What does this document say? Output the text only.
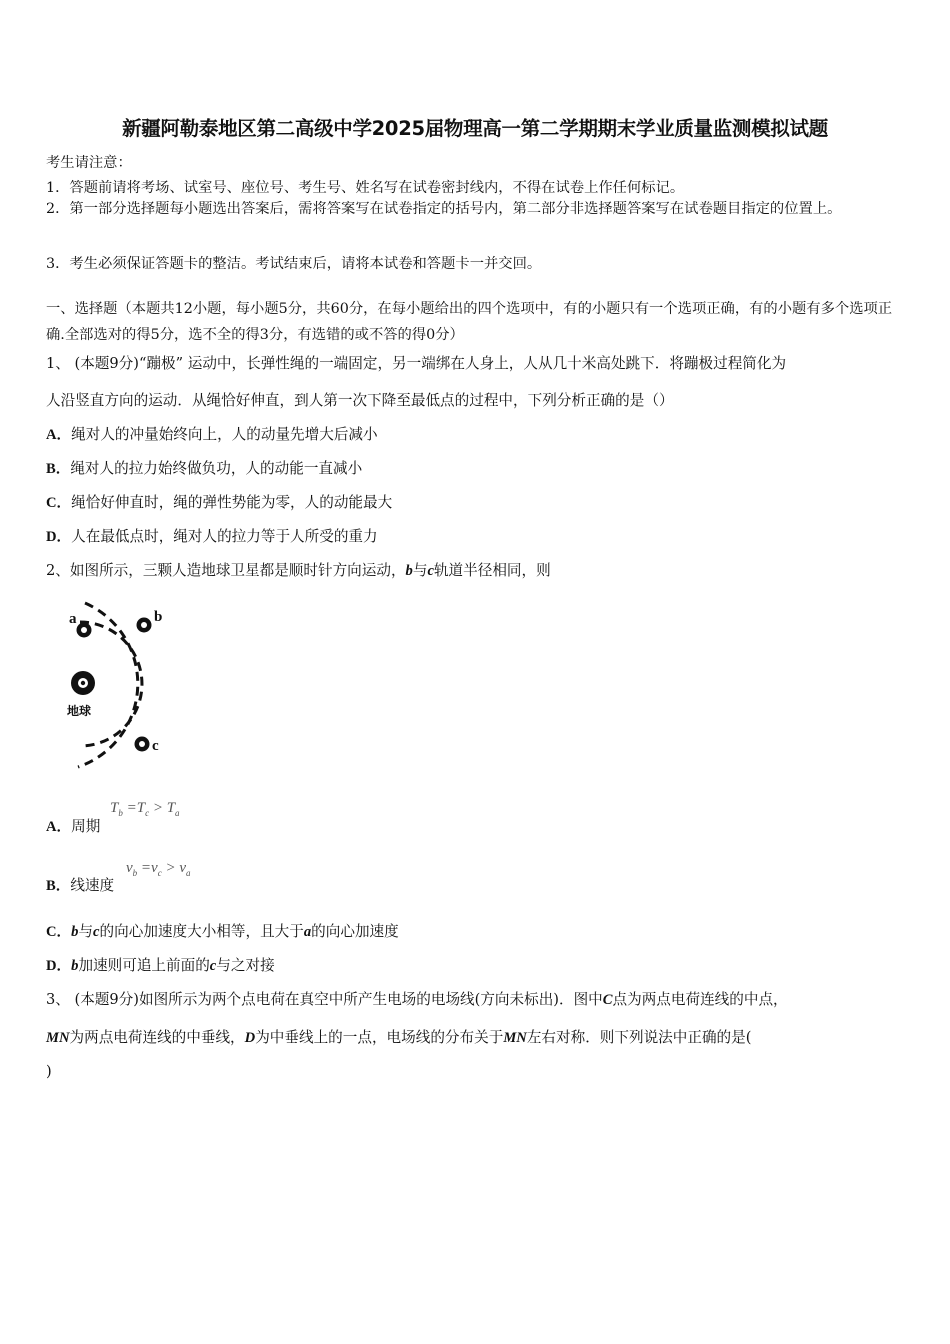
新疆阿勒泰地区第二高级中学2025届物理高一第二学期期末学业质量监测模拟试题
考生请注意：
1．答题前请将考场、试室号、座位号、考生号、姓名写在试卷密封线内，不得在试卷上作任何标记。
2．第一部分选择题每小题选出答案后，需将答案写在试卷指定的括号内，第二部分非选择题答案写在试卷题目指定的位置上。
3．考生必须保证答题卡的整洁。考试结束后，请将本试卷和答题卡一并交回。
一、选择题（本题共12小题，每小题5分，共60分，在每小题给出的四个选项中，有的小题只有一个选项正确，有的小题有多个选项正确.全部选对的得5分，选不全的得3分，有选错的或不答的得0分）
1、 (本题9分)“蹦极” 运动中，长弹性绳的一端固定，另一端绑在人身上，人从几十米高处跳下．将蹦极过程简化为
人沿竖直方向的运动．从绳恰好伸直，到人第一次下降至最低点的过程中，下列分析正确的是（）
A．绳对人的冲量始终向上，人的动量先增大后减小
B．绳对人的拉力始终做负功，人的动能一直减小
C．绳恰好伸直时，绳的弹性势能为零，人的动能最大
D．人在最低点时，绳对人的拉力等于人所受的重力
2、如图所示，三颗人造地球卫星都是顺时针方向运动，b与c轨道半径相同，则
a	b
c
地球
A．周期
$T_b =T_c > T_a$
B．线速度
$v_b =v_c > v_a$
C．b与c的向心加速度大小相等，且大于a的向心加速度
D．b加速则可追上前面的c与之对接
3、 (本题9分)如图所示为两个点电荷在真空中所产生电场的电场线(方向未标出)．图中C点为两点电荷连线的中点，
MN为两点电荷连线的中垂线，D为中垂线上的一点，电场线的分布关于MN左右对称．则下列说法中正确的是(
)
